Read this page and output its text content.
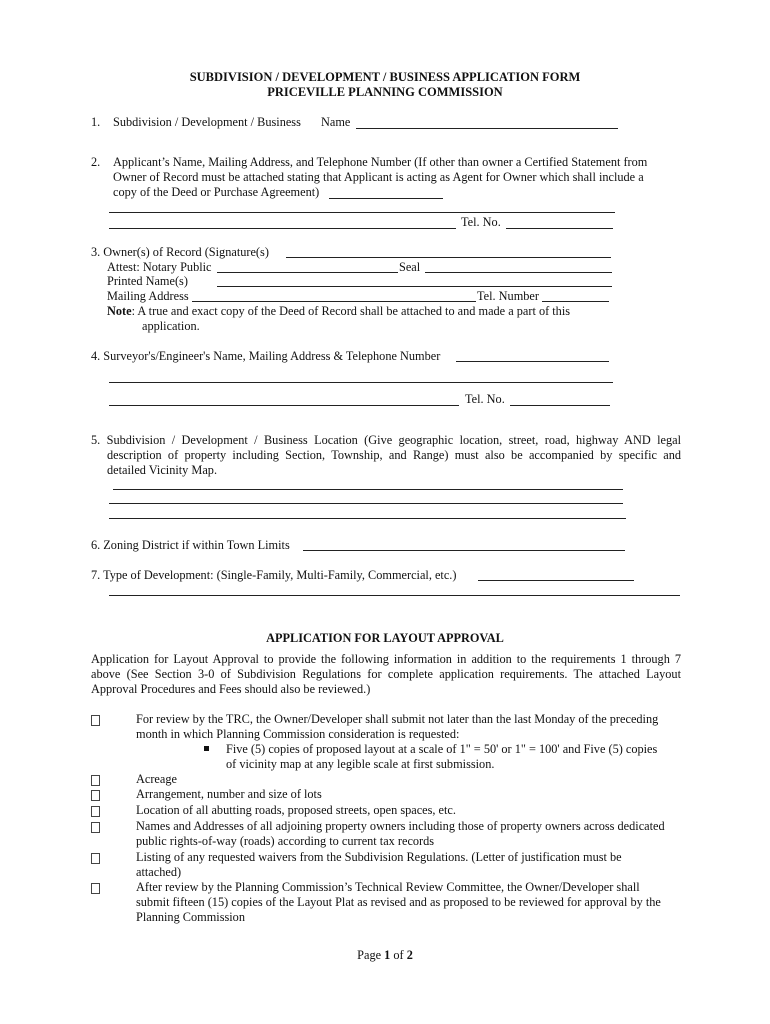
SUBDIVISION / DEVELOPMENT / BUSINESS APPLICATION FORM
PRICEVILLE PLANNING COMMISSION
1. Subdivision / Development / Business Name
2. Applicant’s Name, Mailing Address, and Telephone Number (If other than owner a Certified Statement from
Owner of Record must be attached stating that Applicant is acting as Agent for Owner which shall include a
copy of the Deed or Purchase Agreement)
Tel. No.
3. Owner(s) of Record (Signature(s)
Attest: Notary Public	Seal
Printed Name(s)
Mailing Address	Tel. Number
Note: A true and exact copy of the Deed of Record shall be attached to and made a part of this
application.
4. Surveyor's/Engineer's Name, Mailing Address & Telephone Number
Tel. No.
5. Subdivision / Development / Business Location (Give geographic location, street, road, highway AND legal
description of property including Section, Township, and Range) must also be accompanied by specific and
detailed Vicinity Map.
6. Zoning District if within Town Limits
7. Type of Development: (Single-Family, Multi-Family, Commercial, etc.)
APPLICATION FOR LAYOUT APPROVAL
Application for Layout Approval to provide the following information in addition to the requirements 1 through 7
above (See Section 3-0 of Subdivision Regulations for complete application requirements. The attached Layout
Approval Procedures and Fees should also be reviewed.)
For review by the TRC, the Owner/Developer shall submit not later than the last Monday of the preceding
month in which Planning Commission consideration is requested:
Five (5) copies of proposed layout at a scale of 1" = 50' or 1" = 100' and Five (5) copies
of vicinity map at any legible scale at first submission.
Acreage
Arrangement, number and size of lots
Location of all abutting roads, proposed streets, open spaces, etc.
Names and Addresses of all adjoining property owners including those of property owners across dedicated
public rights-of-way (roads) according to current tax records
Listing of any requested waivers from the Subdivision Regulations. (Letter of justification must be
attached)
After review by the Planning Commission’s Technical Review Committee, the Owner/Developer shall
submit fifteen (15) copies of the Layout Plat as revised and as proposed to be reviewed for approval by the
Planning Commission
Page 1 of 2
